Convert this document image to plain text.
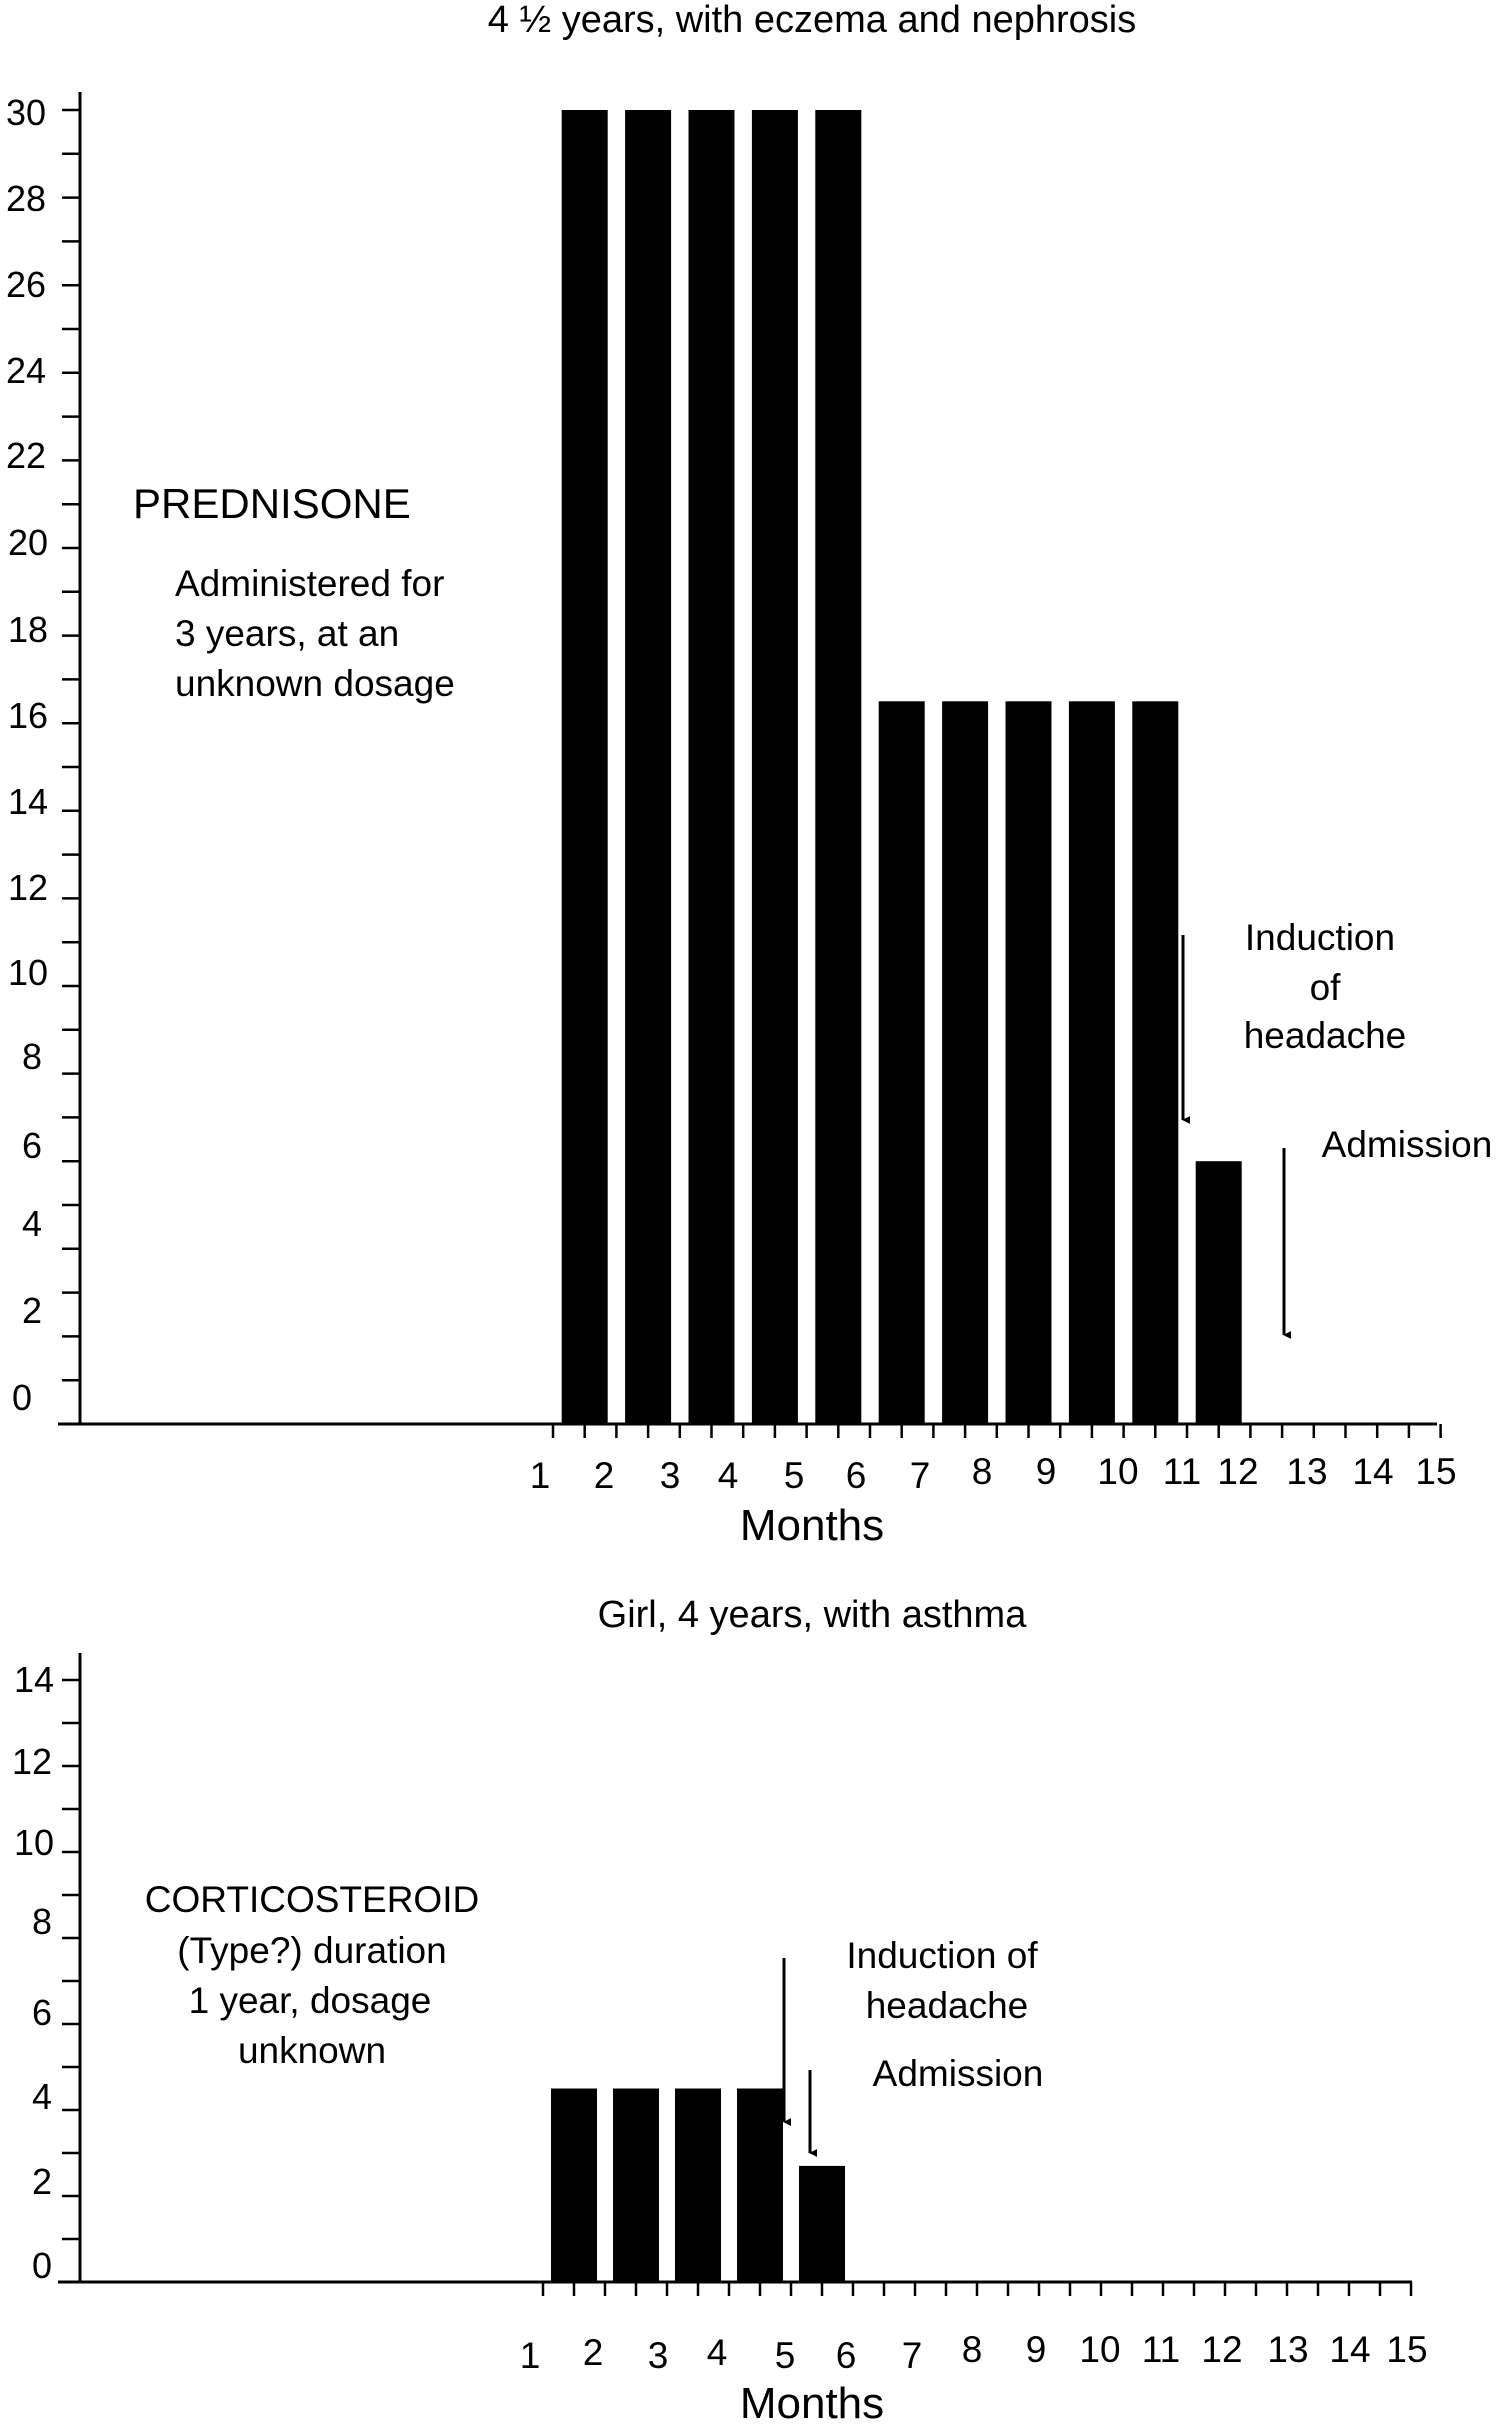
4 ½ years, with eczema and nephrosis
0
2
4
6
8
10
12
14
16
18
20
22
24
26
28
30
1 2 3 4 5 6 7 8 9 10 11 12 13 14 15
Months
PREDNISONE
Administered for
3 years, at an
unknown dosage
Induction
of
headache
Admission
Girl, 4 years, with asthma
0
2
4
6
8
10
12
14
1 2 3 4 5 6 7 8 9 10 11 12 13 14 15
Months
CORTICOSTEROID
(Type?) duration
1 year, dosage
unknown
Induction of
headache
Admission
